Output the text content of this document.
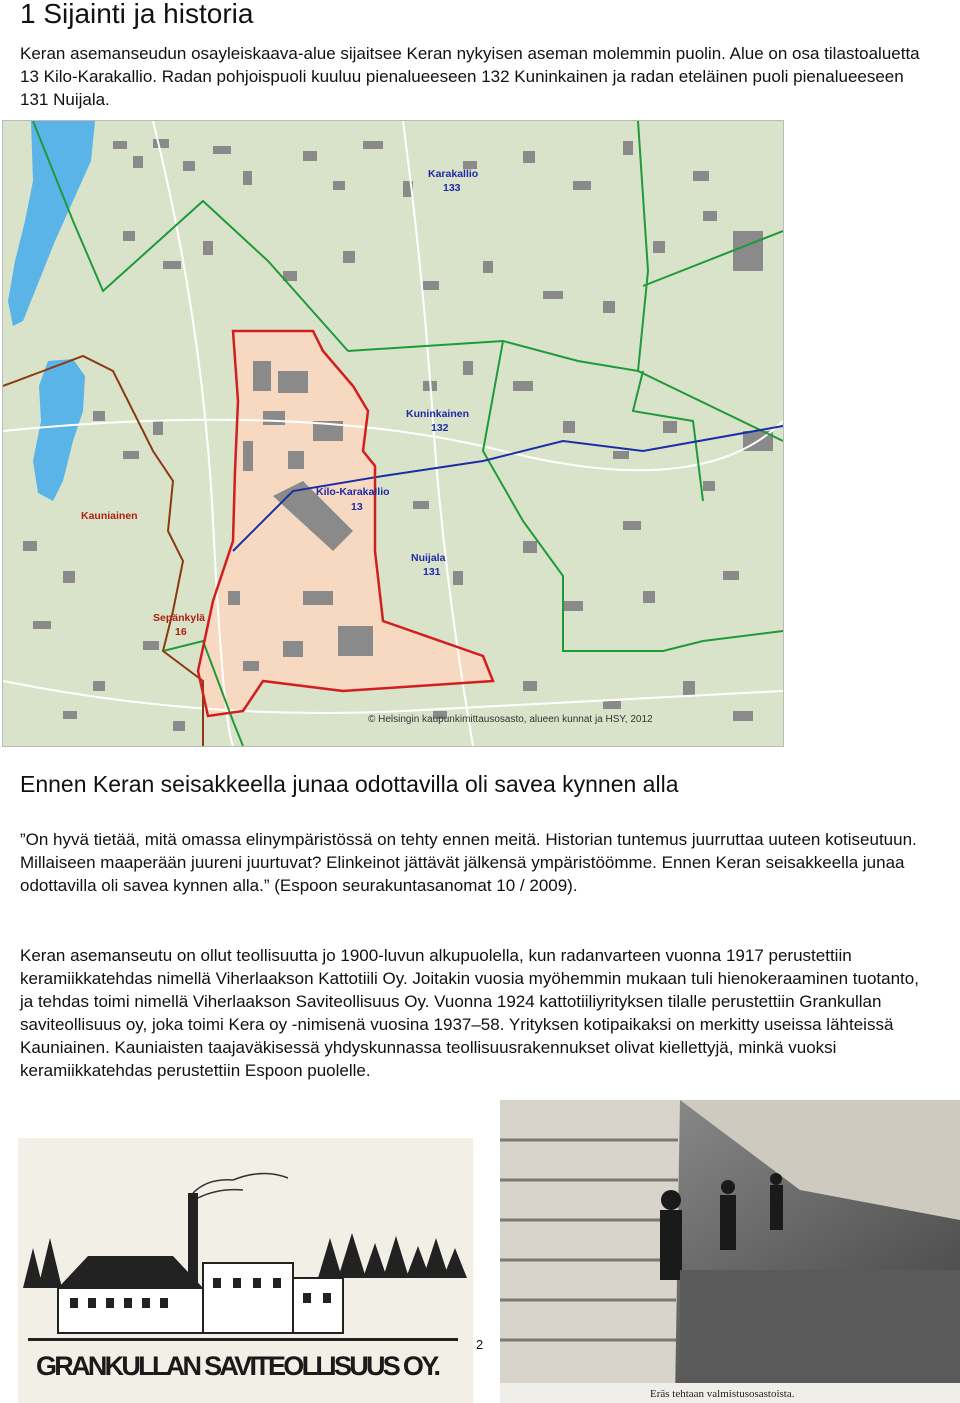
1 Sijainti ja historia

Keran asemanseudun osayleiskaava-alue sijaitsee Keran nykyisen aseman molemmin puolin. Alue on osa tilastoaluetta 13 Kilo-Karakallio. Radan pohjoispuoli kuuluu pienalueeseen 132 Kuninkainen ja radan eteläinen puoli pienalueeseen 131 Nuijala.

Karakallio
133
Kuninkainen
132
Kilo-Karakallio
13
Nuijala
131
Kauniainen
Sepänkylä
16
© Helsingin kaupunkimittausosasto, alueen kunnat ja HSY, 2012
Ennen Keran seisakkeella junaa odottavilla oli savea kynnen alla

”On hyvä tietää, mitä omassa elinympäristössä on tehty ennen meitä. Historian tuntemus juurruttaa uuteen kotiseutuun. Millaiseen maaperään juureni juurtuvat? Elinkeinot jättävät jälkensä ympäristöömme. Ennen Keran seisakkeella junaa odottavilla oli savea kynnen alla.” (Espoon seurakuntasanomat 10 / 2009).

Keran asemanseutu on ollut teollisuutta jo 1900-luvun alkupuolella, kun radanvarteen vuonna 1917 perustettiin keramiikkatehdas nimellä Viherlaakson Kattotiili Oy. Joitakin vuosia myöhemmin mukaan tuli hienokeraaminen tuotanto, ja tehdas toimi nimellä Viherlaakson Saviteollisuus Oy. Vuonna 1924 kattotiiliyrityksen tilalle perustettiin Grankullan saviteollisuus oy, joka toimi Kera oy -nimisenä vuosina 1937–58. Yrityksen kotipaikaksi on merkitty useissa lähteissä Kauniainen. Kauniaisten taajaväkisessä yhdyskunnassa teollisuusrakennukset olivat kiellettyjä, minkä vuoksi keramiikkatehdas perustettiin Espoon puolelle.

GRANKULLAN SAVITEOLLISUUS OY.
Eräs tehtaan valmistusosastoista.
2
